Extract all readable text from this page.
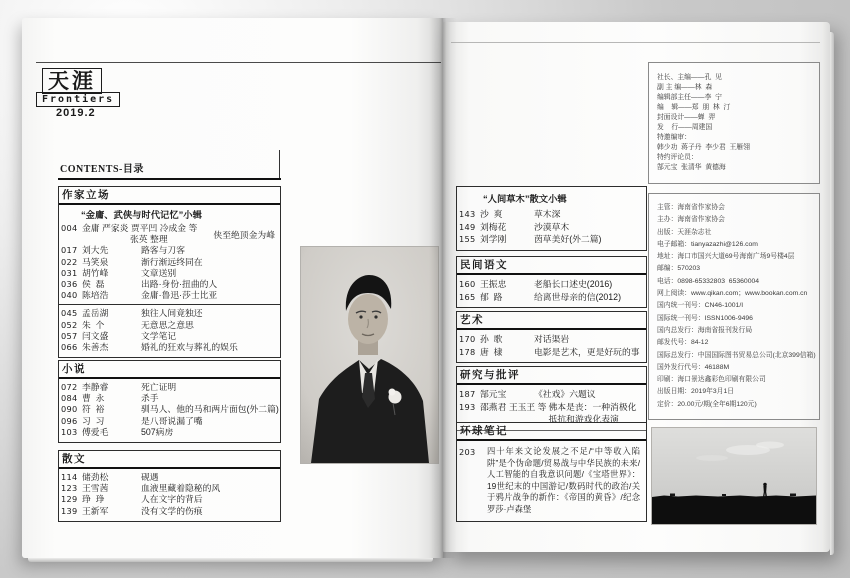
天涯
Frontiers
2019.2
CONTENTS-目录
作家立场
“金庸、武侠与时代记忆”小辑
004 金庸 严家炎 贾平凹 冷成金 等
张英 整理	侠至绝顶金为峰
017 刘大先	路客与刀客
022 马笑泉	渐行渐远终同在
031 胡竹峰	文章送别
036 侯  磊	出路·身份·扭曲的人
040 陈培浩	金庸·鲁迅·莎士比亚
045 孟岳湖	独往人间竟独还
052 朱  个	无意思之意思
057 闫文盛	文学笔记
066 朱善杰	婚礼的狂欢与葬礼的娱乐
小说
072 李静睿	死亡证明
084 曹  永	杀手
090 符  裕	驯马人、他的马和两片面包(外二篇)
096 习  习	是八哥说漏了嘴
103 傅爱毛	507病房
散文
114 储劲松	砚遇
123 王雪茜	血液里藏着隐秘的风
129 琤  琤	人在文字的背后
139 王新军	没有文学的伤痕
“人间草木”散文小辑
143 沙  爽	草木深
149 刘梅花	沙漠草木
155 刘学刚	茵草美好(外二篇)
民间语文
160 王振忠	老船长口述史(2016)
165 郁  路	给离世母亲的信(2012)
艺术
170 孙  歌	对话渠岩
178 唐  棣	电影是艺术，更是好玩的事
研究与批评
187 郜元宝	《社戏》六题议
193 邵燕君 王玉玊 等 佛本是丧：一种消极化抵抗和游戏化表演
环球笔记
203	四十年来文论发展之不足/“中等收入陷阱”是个伪命题/贸易战与中华民族的未来/人工智能的自我意识问题/《宝塔世界》：19世纪末的中国游记/数码时代的政治/关于鸦片战争的新作：《帝国的黄昏》/纪念罗莎·卢森堡
社长、主编——孔  见
副 主 编——林  森
编辑部主任——李  宁
编    辑——郑  朋  林  汀
封面设计——蝉  羿
发    行——周建国
特邀编审：
韩少功  蒋子丹  李少君  王雁翎
特约评论员：
郜元宝  张清华  黄德海
主管：海南省作家协会
主办：海南省作家协会
出版：天涯杂志社
电子邮箱：tianyazazhi@126.com
地址：海口市国兴大道69号海南广场9号楼4层
邮编：570203
电话：0898-65332803  65360004
网上阅读：www.qikan.com；www.bookan.com.cn
国内统一刊号：CN46-1001/I
国际统一刊号：ISSN1006-9496
国内总发行：海南省报刊发行局
邮发代号：84-12
国际总发行：中国国际图书贸易总公司(北京399信箱)
国外发行代号：46188M
印刷：海口景达鑫彩色印刷有限公司
出版日期：2019年3月1日
定价：20.00元/期(全年6期120元)
